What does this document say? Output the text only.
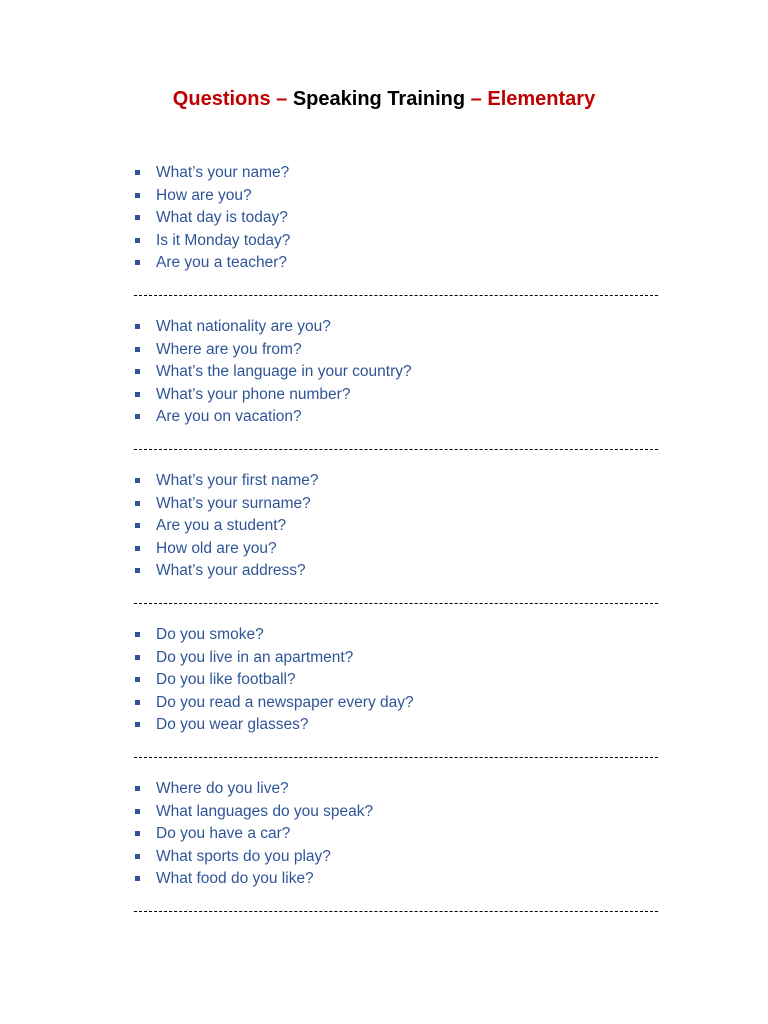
Questions – Speaking Training – Elementary
What’s your name?
How are you?
What day is today?
Is it Monday today?
Are you a teacher?
What nationality are you?
Where are you from?
What’s the language in your country?
What’s your phone number?
Are you on vacation?
What’s your first name?
What’s your surname?
Are you a student?
How old are you?
What’s your address?
Do you smoke?
Do you live in an apartment?
Do you like football?
Do you read a newspaper every day?
Do you wear glasses?
Where do you live?
What languages do you speak?
Do you have a car?
What sports do you play?
What food do you like?
